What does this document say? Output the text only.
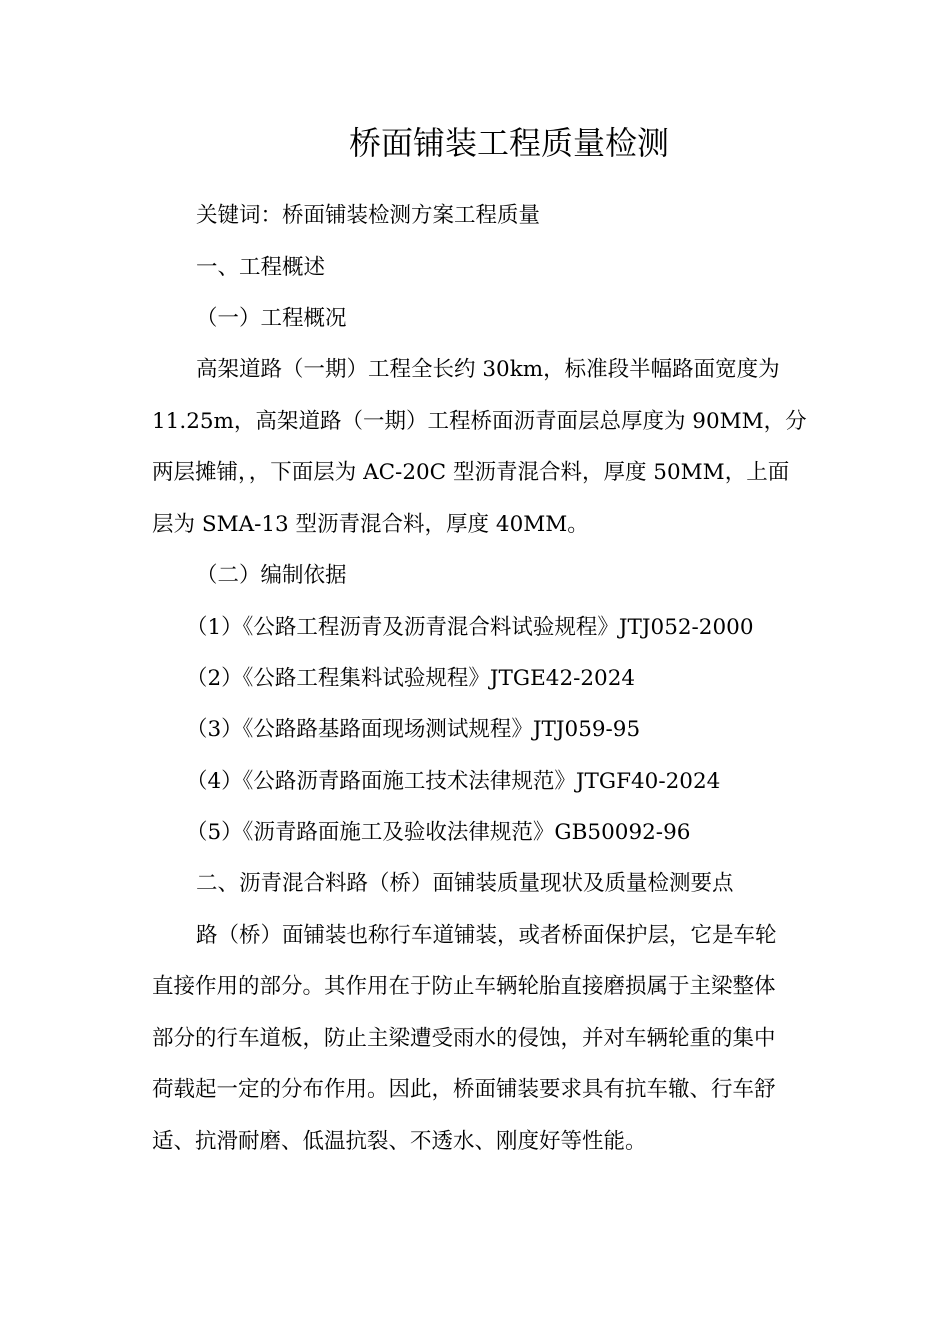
桥面铺装工程质量检测
关键词：桥面铺装检测方案工程质量
一、工程概述
（一）工程概况
高架道路（一期）工程全长约 30km，标准段半幅路面宽度为
11.25m，高架道路（一期）工程桥面沥青面层总厚度为 90MM，分
两层摊铺，，下面层为 AC-20C 型沥青混合料，厚度 50MM，上面
层为 SMA-13 型沥青混合料，厚度 40MM。
（二）编制依据
（1）《公路工程沥青及沥青混合料试验规程》JTJ052-2000
（2）《公路工程集料试验规程》JTGE42-2024
（3）《公路路基路面现场测试规程》JTJ059-95
（4）《公路沥青路面施工技术法律规范》JTGF40-2024
（5）《沥青路面施工及验收法律规范》GB50092-96
二、沥青混合料路（桥）面铺装质量现状及质量检测要点
路（桥）面铺装也称行车道铺装，或者桥面保护层，它是车轮
直接作用的部分。其作用在于防止车辆轮胎直接磨损属于主梁整体
部分的行车道板，防止主梁遭受雨水的侵蚀，并对车辆轮重的集中
荷载起一定的分布作用。因此，桥面铺装要求具有抗车辙、行车舒
适、抗滑耐磨、低温抗裂、不透水、刚度好等性能。
